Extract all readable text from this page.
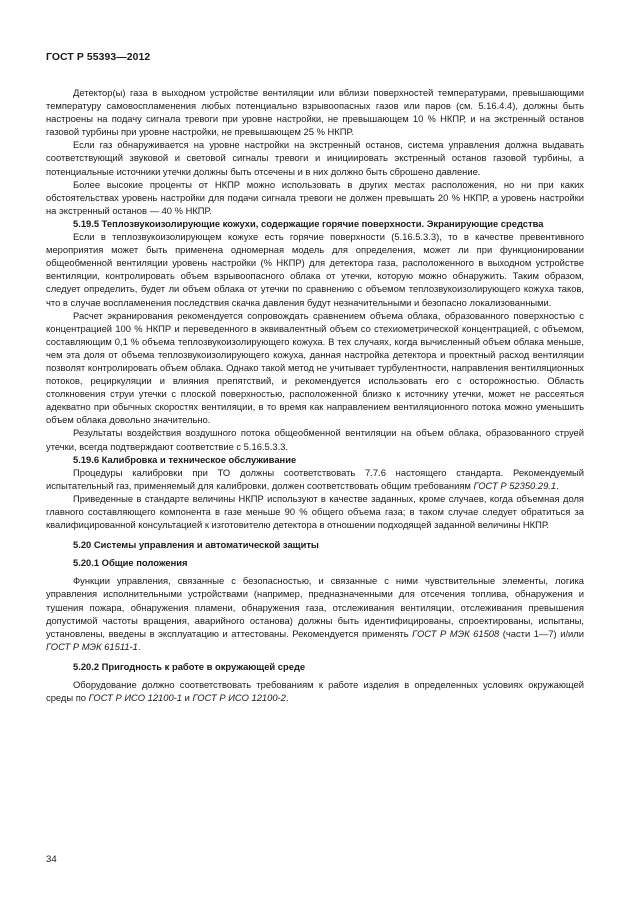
ГОСТ Р 55393—2012

Детектор(ы) газа в выходном устройстве вентиляции или вблизи поверхностей температурами, превышающими температуру самовоспламенения любых потенциально взрывоопасных газов или паров (см. 5.16.4.4), должны быть настроены на подачу сигнала тревоги при уровне настройки, не превышающем 10 % НКПР, и на экстренный останов газовой турбины при уровне настройки, не превышающем 25 % НКПР.

Если газ обнаруживается на уровне настройки на экстренный останов, система управления должна выдавать соответствующий звуковой и световой сигналы тревоги и инициировать экстренный останов газовой турбины, а потенциальные источники утечки должны быть отсечены и в них должно быть сброшено давление.

Более высокие проценты от НКПР можно использовать в других местах расположения, но ни при каких обстоятельствах уровень настройки для подачи сигнала тревоги не должен превышать 20 % НКПР, а уровень настройки на экстренный останов — 40 % НКПР.

5.19.5 Теплозвукоизолирующие кожухи, содержащие горячие поверхности. Экранирующие средства

Если в теплозвукоизолирующем кожухе есть горячие поверхности (5.16.5.3.3), то в качестве превентивного мероприятия может быть применена одномерная модель для определения, может ли при функционировании общеобменной вентиляции уровень настройки (% НКПР) для детектора газа, расположенного в выходном устройстве вентиляции, контролировать объем взрывоопасного облака от утечки, которую можно обнаружить. Таким образом, следует определить, будет ли объем облака от утечки по сравнению с объемом теплозвукоизолирующего кожуха таков, что в случае воспламенения последствия скачка давления будут незначительными и безопасно локализованными.

Расчет экранирования рекомендуется сопровождать сравнением объема облака, образованного поверхностью с концентрацией 100 % НКПР и переведенного в эквивалентный объем со стехиометрической концентрацией, с объемом, составляющим 0,1 % объема теплозвукоизолирующего кожуха. В тех случаях, когда вычисленный объем облака меньше, чем эта доля от объема теплозвукоизолирующего кожуха, данная настройка детектора и проектный расход вентиляции позволят контролировать объем облака. Однако такой метод не учитывает турбулентности, направления вентиляционных потоков, рециркуляции и влияния препятствий, и рекомендуется использовать его с осторожностью. Область столкновения струи утечки с плоской поверхностью, расположенной близко к источнику утечки, может не рассеяться адекватно при обычных скоростях вентиляции, в то время как направлением вентиляционного потока можно уменьшить объем облака довольно значительно.

Результаты воздействия воздушного потока общеобменной вентиляции на объем облака, образованного струей утечки, всегда подтверждают соответствие с 5.16.5.3.3.

5.19.6 Калибровка и техническое обслуживание

Процедуры калибровки при ТО должны соответствовать 7.7.6 настоящего стандарта. Рекомендуемый испытательный газ, применяемый для калибровки, должен соответствовать общим требованиям ГОСТ Р 52350.29.1.

Приведенные в стандарте величины НКПР используют в качестве заданных, кроме случаев, когда объемная доля главного составляющего компонента в газе меньше 90 % общего объема газа; в таком случае следует обратиться за квалифицированной консультацией к изготовителю детектора в отношении подходящей заданной величины НКПР.

5.20 Системы управления и автоматической защиты

5.20.1 Общие положения

Функции управления, связанные с безопасностью, и связанные с ними чувствительные элементы, логика управления исполнительными устройствами (например, предназначенными для отсечения топлива, обнаружения и тушения пожара, обнаружения пламени, обнаружения газа, отслеживания вентиляции, отслеживания превышения допустимой частоты вращения, аварийного останова) должны быть идентифицированы, спроектированы, испытаны, установлены, введены в эксплуатацию и аттестованы. Рекомендуется применять ГОСТ Р МЭК 61508 (части 1—7) и/или ГОСТ Р МЭК 61511-1.

5.20.2 Пригодность к работе в окружающей среде

Оборудование должно соответствовать требованиям к работе изделия в определенных условиях окружающей среды по ГОСТ Р ИСО 12100-1 и ГОСТ Р ИСО 12100-2.

34
